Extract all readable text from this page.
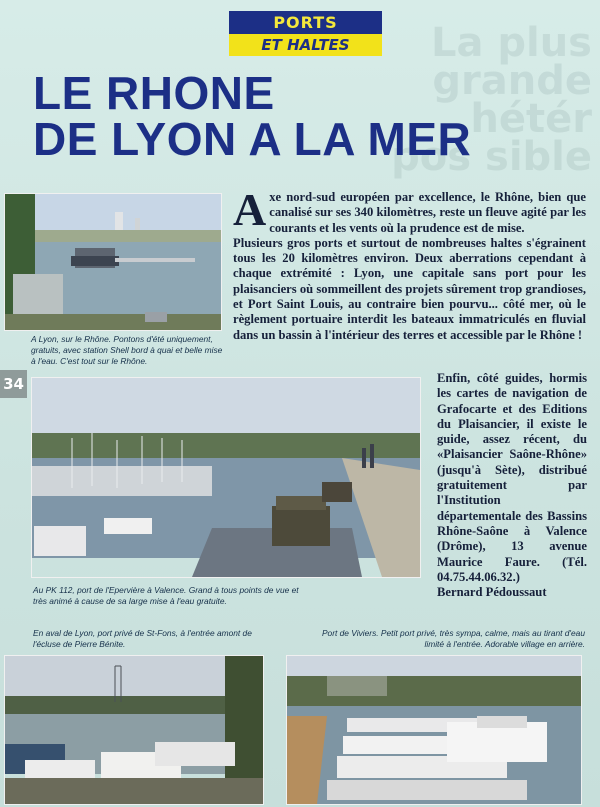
La plus
grande hétér
pos sible
PORTS
ET HALTES
LE RHONE
DE LYON A LA MER
A Lyon, sur le Rhône. Pontons d'été uniquement, gratuits, avec station Shell bord à quai et belle mise à l'eau. C'est tout sur le Rhône.
Axe nord-sud européen par excellence, le Rhône, bien que canalisé sur ses 340 kilomètres, reste un fleuve agité par les courants et les vents où la prudence est de mise.
Plusieurs gros ports et surtout de nombreuses haltes s'égrainent tous les 20 kilomètres environ. Deux aberrations cependant à chaque extrémité : Lyon, une capitale sans port pour les plaisanciers où sommeillent des projets sûrement trop grandioses, et Port Saint Louis, au contraire bien pourvu... côté mer, où le règlement portuaire interdit les bateaux immatriculés en fluvial dans un bassin à l'intérieur des terres et accessible par le Rhône !
34	Enfin, côté guides, hormis les cartes de navigation de Grafocarte et des Editions du Plaisancier, il existe le guide, assez récent, du «Plaisancier Saône-Rhône» (jusqu'à Sète), distribué gratuitement par l'Institution départementale des Bassins Rhône-Saône à Valence (Drôme), 13 avenue Maurice Faure. (Tél. 04.75.44.06.32.)
Bernard Pédoussaut
Au PK 112, port de l'Epervière à Valence. Grand à tous points de vue et très animé à cause de sa large mise à l'eau gratuite.
En aval de Lyon, port privé de St-Fons, à l'entrée amont de l'écluse de Pierre Bénite.
Port de Viviers. Petit port privé, très sympa, calme, mais au tirant d'eau limité à l'entrée. Adorable village en arrière.
